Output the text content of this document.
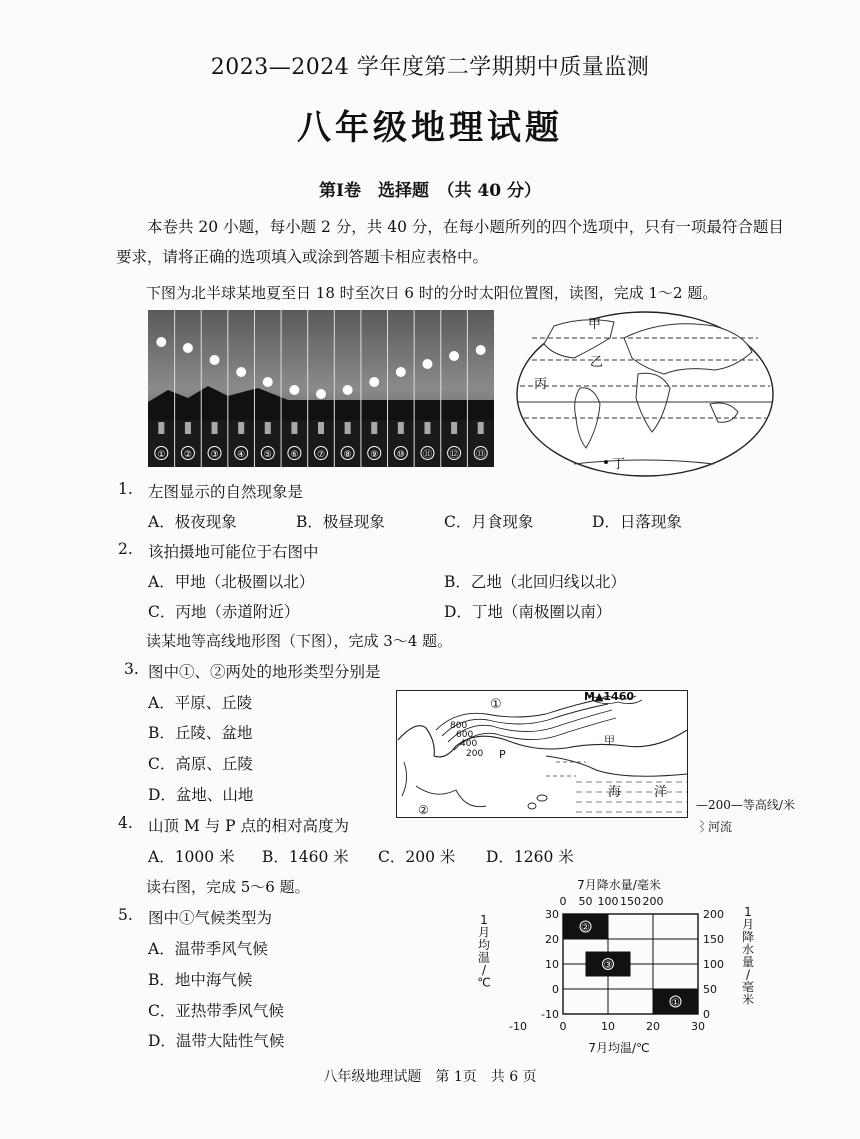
2023—2024 学年度第二学期期中质量监测
八年级地理试题
第Ⅰ卷　选择题　（共 40 分）
本卷共 20 小题，每小题 2 分，共 40 分，在每小题所列的四个选项中，只有一项最符合题目要求，请将正确的选项填入或涂到答题卡相应表格中。
下图为北半球某地夏至日 18 时至次日 6 时的分时太阳位置图，读图，完成 1～2 题。
① ② ③ ④ ⑤ ⑥ ⑦ ⑧ ⑨ ⑩ ⑪ ⑫ ⑬
甲
乙
丙
丁
1. 左图显示的自然现象是
A．极夜现象	B．极昼现象	C．月食现象	D．日落现象
2. 该拍摄地可能位于右图中
A．甲地（北极圈以北）	B．乙地（北回归线以北）
C．丙地（赤道附近）	D．丁地（南极圈以南）
读某地等高线地形图（下图），完成 3～4 题。
3. 图中①、②两处的地形类型分别是
A．平原、丘陵
B．丘陵、盆地
C．高原、丘陵
D．盆地、山地
M▲1460
800
600
400
200 P
甲
海	洋
①
②	—200—等高线/米
⌇河流
4. 山顶 M 与 P 点的相对高度为
A．1000 米 B．1460 米 C．200 米 D．1260 米
读右图，完成 5～6 题。
5. 图中①气候类型为
A．温带季风气候
B．地中海气候
C．亚热带季风气候
D．温带大陆性气候
7月降水量/毫米
7月均温/℃
1
月
均
温
/
℃
1
月
降
水
量
/
毫
米
-10	0	10	20	30
0 50 100 150 200
30
20
10
0
-10
200
150
100
50
0
②
③
①
八年级地理试题　第 1页　共 6 页
